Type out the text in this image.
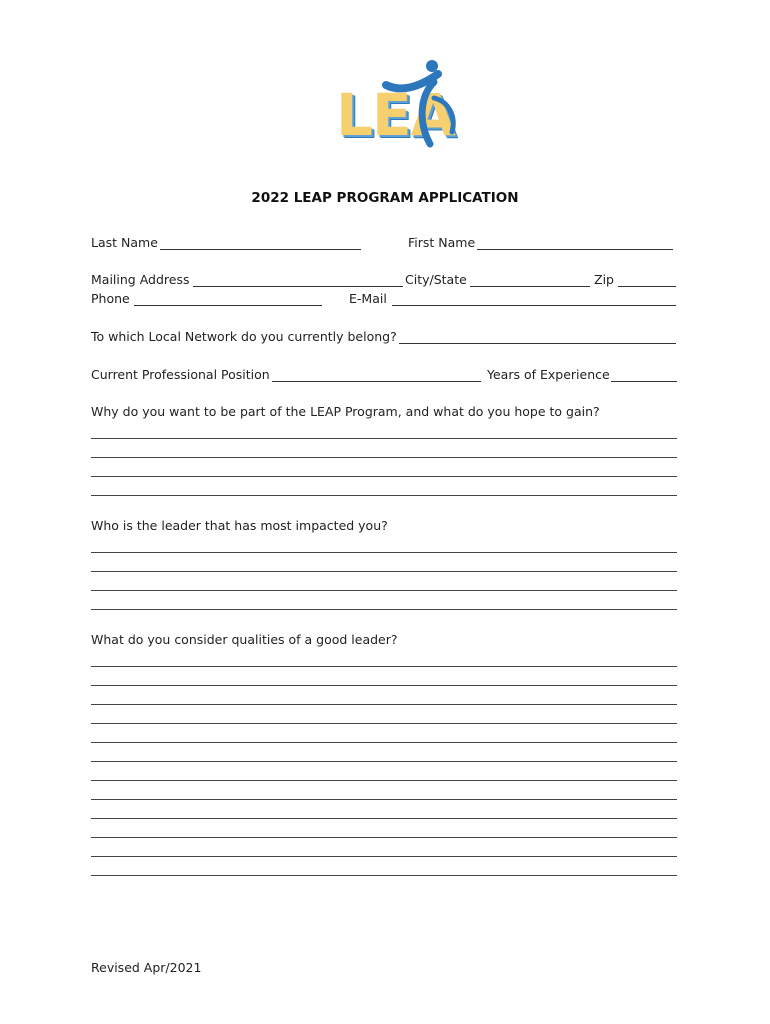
LEA
2022 LEAP PROGRAM APPLICATION
Last Name	First Name
Mailing Address	City/State	Zip
Phone	E-Mail
To which Local Network do you currently belong?
Current Professional Position	Years of Experience
Why do you want to be part of the LEAP Program, and what do you hope to gain?
Who is the leader that has most impacted you?
What do you consider qualities of a good leader?
Revised Apr/2021
